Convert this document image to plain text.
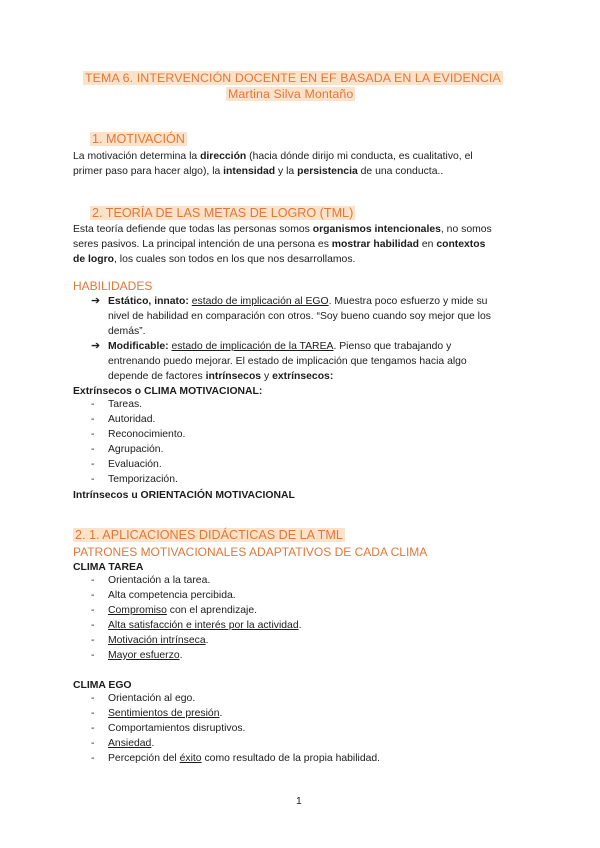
TEMA 6. INTERVENCIÓN DOCENTE EN EF BASADA EN LA EVIDENCIA
Martina Silva Montaño
1. MOTIVACIÓN
La motivación determina la dirección (hacia dónde dirijo mi conducta, es cualitativo, el
primer paso para hacer algo), la intensidad y la persistencia de una conducta..
2. TEORÍA DE LAS METAS DE LOGRO (TML)
Esta teoría defiende que todas las personas somos organismos intencionales, no somos
seres pasivos. La principal intención de una persona es mostrar habilidad en contextos
de logro, los cuales son todos en los que nos desarrollamos.
HABILIDADES
➔ Estático, innato: estado de implicación al EGO. Muestra poco esfuerzo y mide su
nivel de habilidad en comparación con otros. “Soy bueno cuando soy mejor que los
demás”.
➔ Modificable: estado de implicación de la TAREA. Pienso que trabajando y
entrenando puedo mejorar. El estado de implicación que tengamos hacia algo
depende de factores intrínsecos y extrínsecos:
Extrínsecos o CLIMA MOTIVACIONAL:
- Tareas.
- Autoridad.
- Reconocimiento.
- Agrupación.
- Evaluación.
- Temporización.
Intrínsecos u ORIENTACIÓN MOTIVACIONAL
2. 1. APLICACIONES DIDÁCTICAS DE LA TML
PATRONES MOTIVACIONALES ADAPTATIVOS DE CADA CLIMA
CLIMA TAREA
- Orientación a la tarea.
- Alta competencia percibida.
- Compromiso con el aprendizaje.
- Alta satisfacción e interés por la actividad.
- Motivación intrínseca.
- Mayor esfuerzo.
CLIMA EGO
- Orientación al ego.
- Sentimientos de presión.
- Comportamientos disruptivos.
- Ansiedad.
- Percepción del éxito como resultado de la propia habilidad.
1
